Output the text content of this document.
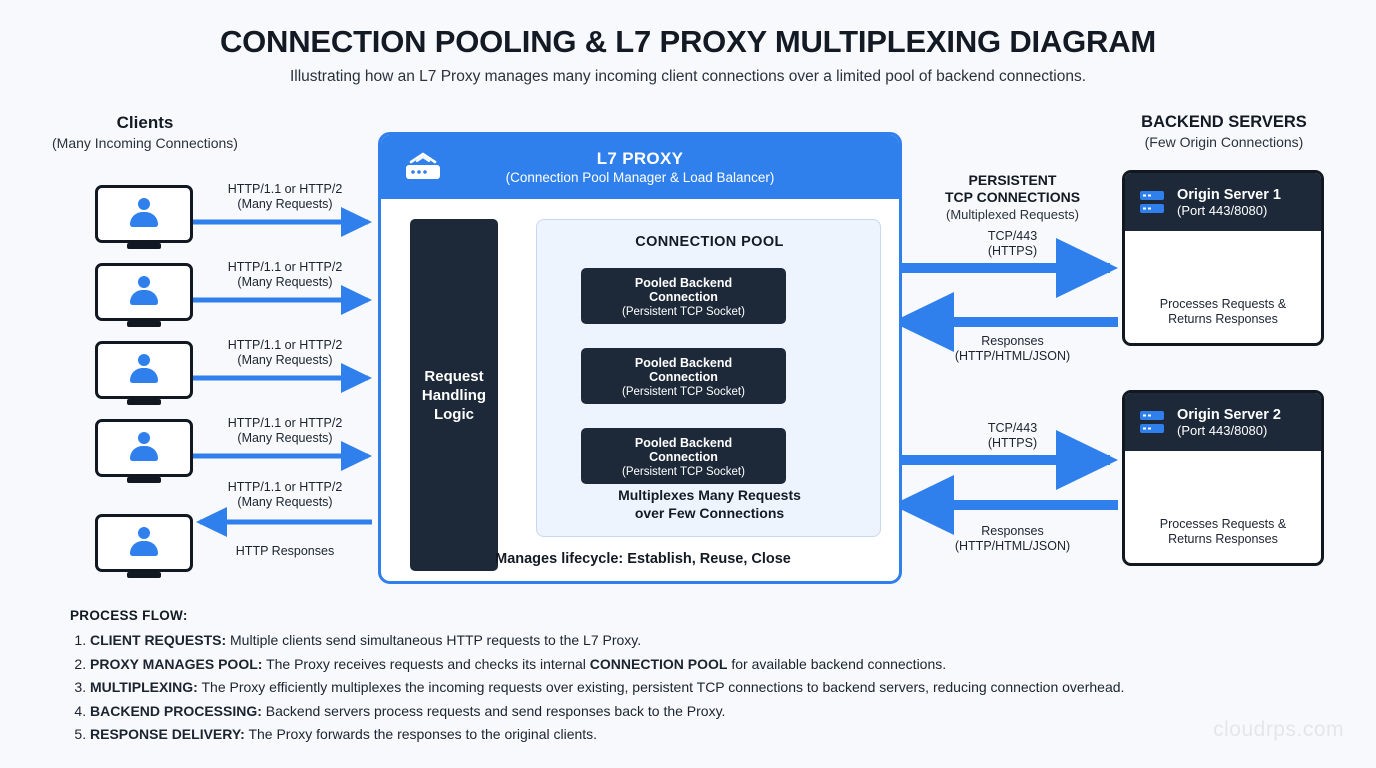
CONNECTION POOLING & L7 PROXY MULTIPLEXING DIAGRAM
Illustrating how an L7 Proxy manages many incoming client connections over a limited pool of backend connections.
Clients
(Many Incoming Connections)
BACKEND SERVERS
(Few Origin Connections)
PERSISTENT
TCP CONNECTIONS
(Multiplexed Requests)
HTTP/1.1 or HTTP/2
(Many Requests)
HTTP/1.1 or HTTP/2
(Many Requests)
HTTP/1.1 or HTTP/2
(Many Requests)
HTTP/1.1 or HTTP/2
(Many Requests)
HTTP/1.1 or HTTP/2
(Many Requests)
HTTP Responses
L7 PROXY
(Connection Pool Manager & Load Balancer)
Request
Handling
Logic
CONNECTION POOL
Pooled Backend
Connection
(Persistent TCP Socket)
Pooled Backend
Connection
(Persistent TCP Socket)
Pooled Backend
Connection
(Persistent TCP Socket)
Multiplexes Many Requests
over Few Connections
Manages lifecycle: Establish, Reuse, Close
TCP/443
(HTTPS)
Responses
(HTTP/HTML/JSON)
TCP/443
(HTTPS)
Responses
(HTTP/HTML/JSON)
Origin Server 1
(Port 443/8080)
Processes Requests &
Returns Responses
Origin Server 2
(Port 443/8080)
Processes Requests &
Returns Responses
PROCESS FLOW:
1. CLIENT REQUESTS: Multiple clients send simultaneous HTTP requests to the L7 Proxy.
2. PROXY MANAGES POOL: The Proxy receives requests and checks its internal CONNECTION POOL for available backend connections.
3. MULTIPLEXING: The Proxy efficiently multiplexes the incoming requests over existing, persistent TCP connections to backend servers, reducing connection overhead.
4. BACKEND PROCESSING: Backend servers process requests and send responses back to the Proxy.
5. RESPONSE DELIVERY: The Proxy forwards the responses to the original clients.	cloudrps.com
